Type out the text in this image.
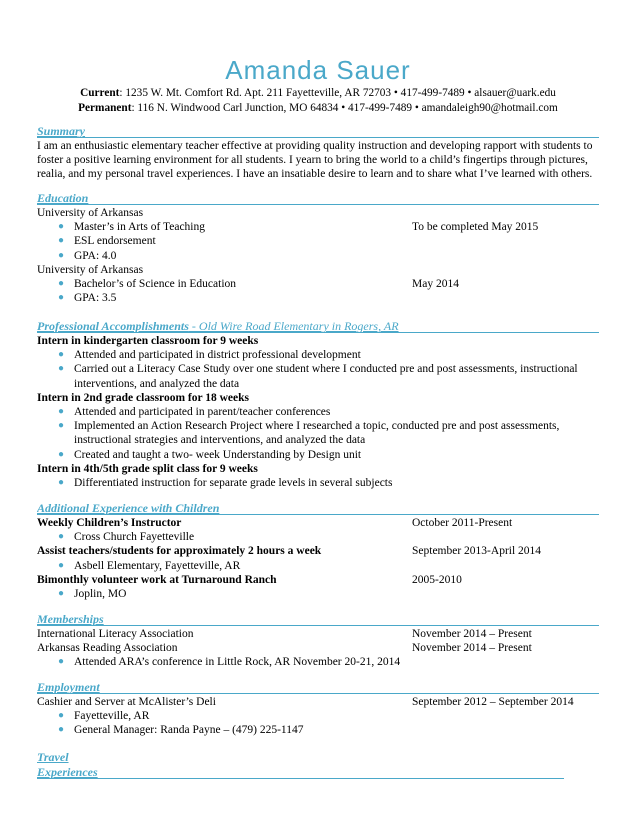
Amanda Sauer
Current: 1235 W. Mt. Comfort Rd. Apt. 211 Fayetteville, AR 72703 • 417-499-7489 • alsauer@uark.edu
Permanent: 116 N. Windwood Carl Junction, MO 64834 • 417-499-7489 • amandaleigh90@hotmail.com
Summary
I am an enthusiastic elementary teacher effective at providing quality instruction and developing rapport with students to
foster a positive learning environment for all students. I yearn to bring the world to a child’s fingertips through pictures,
realia, and my personal travel experiences. I have an insatiable desire to learn and to share what I’ve learned with others.
Education
University of Arkansas
● Master’s in Arts of Teaching	To be completed May 2015
● ESL endorsement
● GPA: 4.0
University of Arkansas
● Bachelor’s of Science in Education	May 2014
● GPA: 3.5
Professional Accomplishments - Old Wire Road Elementary in Rogers, AR
Intern in kindergarten classroom for 9 weeks
● Attended and participated in district professional development
● Carried out a Literacy Case Study over one student where I conducted pre and post assessments, instructional
interventions, and analyzed the data
Intern in 2nd grade classroom for 18 weeks
● Attended and participated in parent/teacher conferences
● Implemented an Action Research Project where I researched a topic, conducted pre and post assessments,
instructional strategies and interventions, and analyzed the data
● Created and taught a two- week Understanding by Design unit
Intern in 4th/5th grade split class for 9 weeks
● Differentiated instruction for separate grade levels in several subjects
Additional Experience with Children
Weekly Children’s Instructor	October 2011-Present
● Cross Church Fayetteville
Assist teachers/students for approximately 2 hours a week	September 2013-April 2014
● Asbell Elementary, Fayetteville, AR
Bimonthly volunteer work at Turnaround Ranch	2005-2010
● Joplin, MO
Memberships
International Literacy Association	November 2014 – Present
Arkansas Reading Association	November 2014 – Present
● Attended ARA’s conference in Little Rock, AR November 20-21, 2014
Employment
Cashier and Server at McAlister’s Deli	September 2012 – September 2014
● Fayetteville, AR
● General Manager: Randa Payne – (479) 225-1147
Travel
Experiences
